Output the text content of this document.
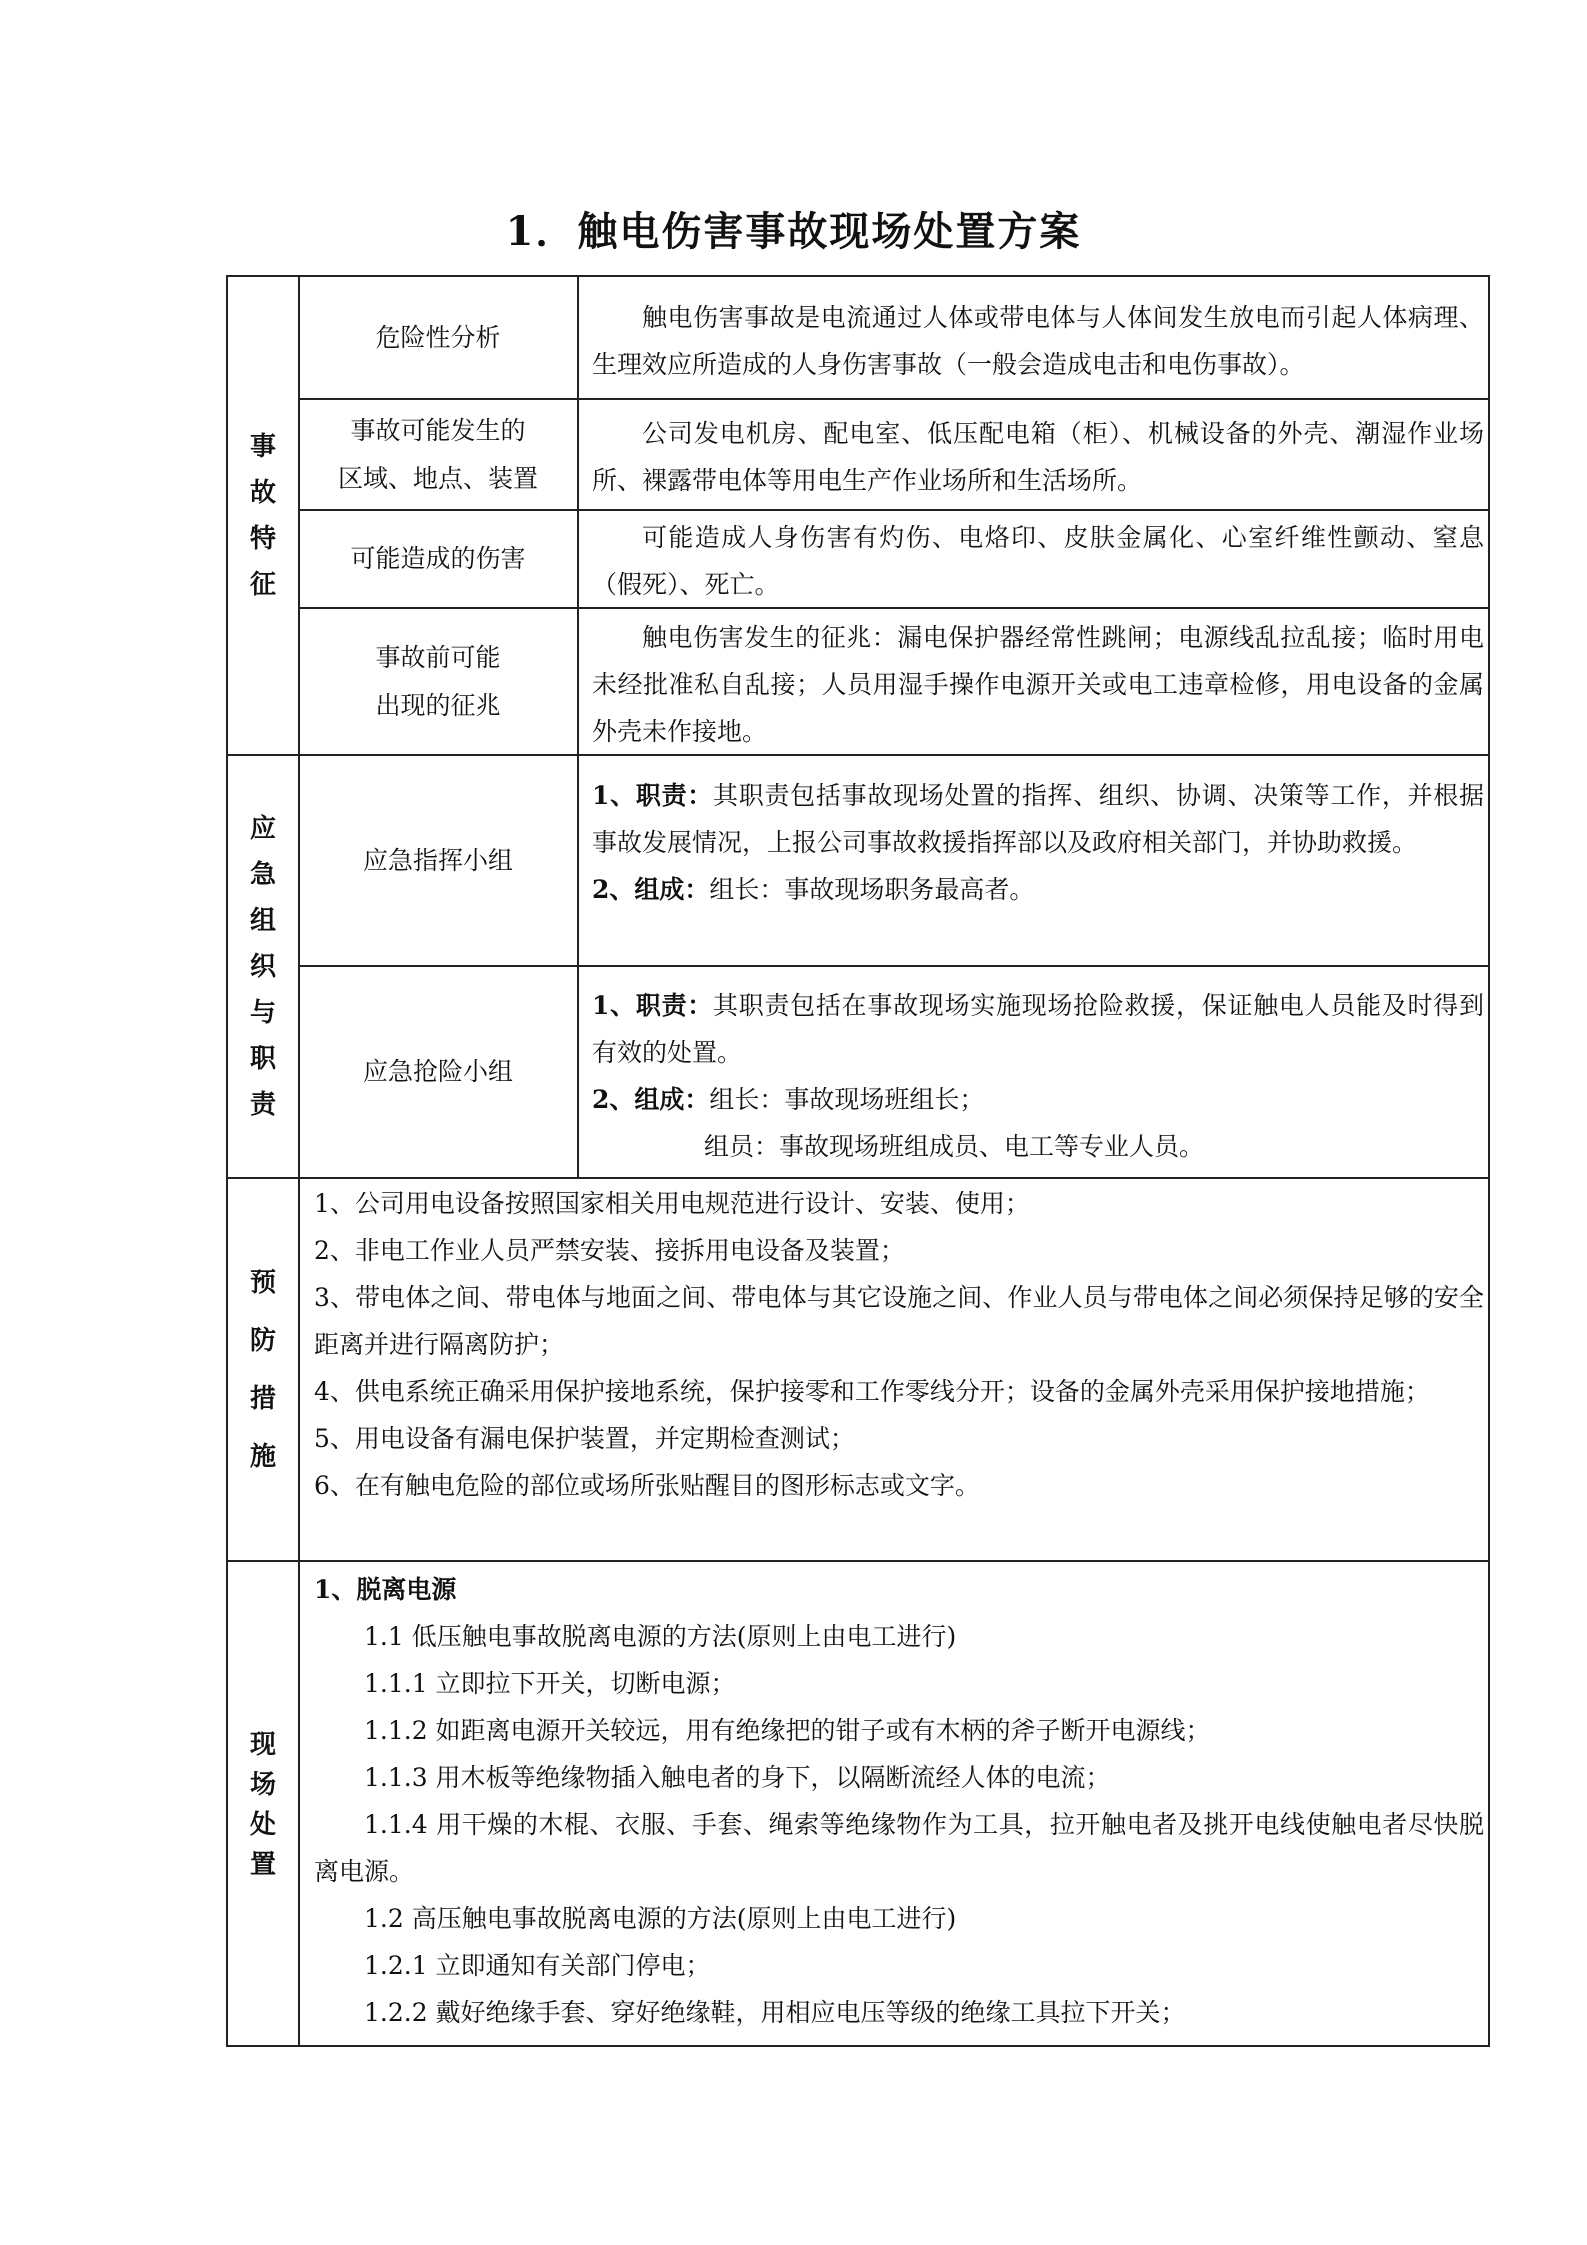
1．触电伤害事故现场处置方案
事
故
特
征
危险性分析

触电伤害事故是电流通过人体或带电体与人体间发生放电而引起人体病理、生理效应所造成的人身伤害事故（一般会造成电击和电伤事故）。

事故可能发生的
区域、地点、装置

公司发电机房、配电室、低压配电箱（柜）、机械设备的外壳、潮湿作业场所、裸露带电体等用电生产作业场所和生活场所。

可能造成的伤害

可能造成人身伤害有灼伤、电烙印、皮肤金属化、心室纤维性颤动、窒息（假死）、死亡。

事故前可能
出现的征兆

触电伤害发生的征兆：漏电保护器经常性跳闸；电源线乱拉乱接；临时用电未经批准私自乱接；人员用湿手操作电源开关或电工违章检修，用电设备的金属外壳未作接地。

应
急
组
织
与
职
责
应急指挥小组

1、职责：其职责包括事故现场处置的指挥、组织、协调、决策等工作，并根据事故发展情况，上报公司事故救援指挥部以及政府相关部门，并协助救援。

2、组成：组长：事故现场职务最高者。

应急抢险小组

1、职责：其职责包括在事故现场实施现场抢险救援，保证触电人员能及时得到有效的处置。

2、组成：组长：事故现场班组长；

组员：事故现场班组成员、电工等专业人员。

预
防
措
施

1、公司用电设备按照国家相关用电规范进行设计、安装、使用；

2、非电工作业人员严禁安装、接拆用电设备及装置；

3、带电体之间、带电体与地面之间、带电体与其它设施之间、作业人员与带电体之间必须保持足够的安全距离并进行隔离防护；

4、供电系统正确采用保护接地系统，保护接零和工作零线分开；设备的金属外壳采用保护接地措施；

5、用电设备有漏电保护装置，并定期检查测试；

6、在有触电危险的部位或场所张贴醒目的图形标志或文字。

现
场
处
置

1、脱离电源

1.1 低压触电事故脱离电源的方法(原则上由电工进行)

1.1.1 立即拉下开关，切断电源；

1.1.2 如距离电源开关较远，用有绝缘把的钳子或有木柄的斧子断开电源线；

1.1.3 用木板等绝缘物插入触电者的身下，以隔断流经人体的电流；

1.1.4 用干燥的木棍、衣服、手套、绳索等绝缘物作为工具，拉开触电者及挑开电线使触电者尽快脱离电源。

1.2 高压触电事故脱离电源的方法(原则上由电工进行)

1.2.1 立即通知有关部门停电；

1.2.2 戴好绝缘手套、穿好绝缘鞋，用相应电压等级的绝缘工具拉下开关；
